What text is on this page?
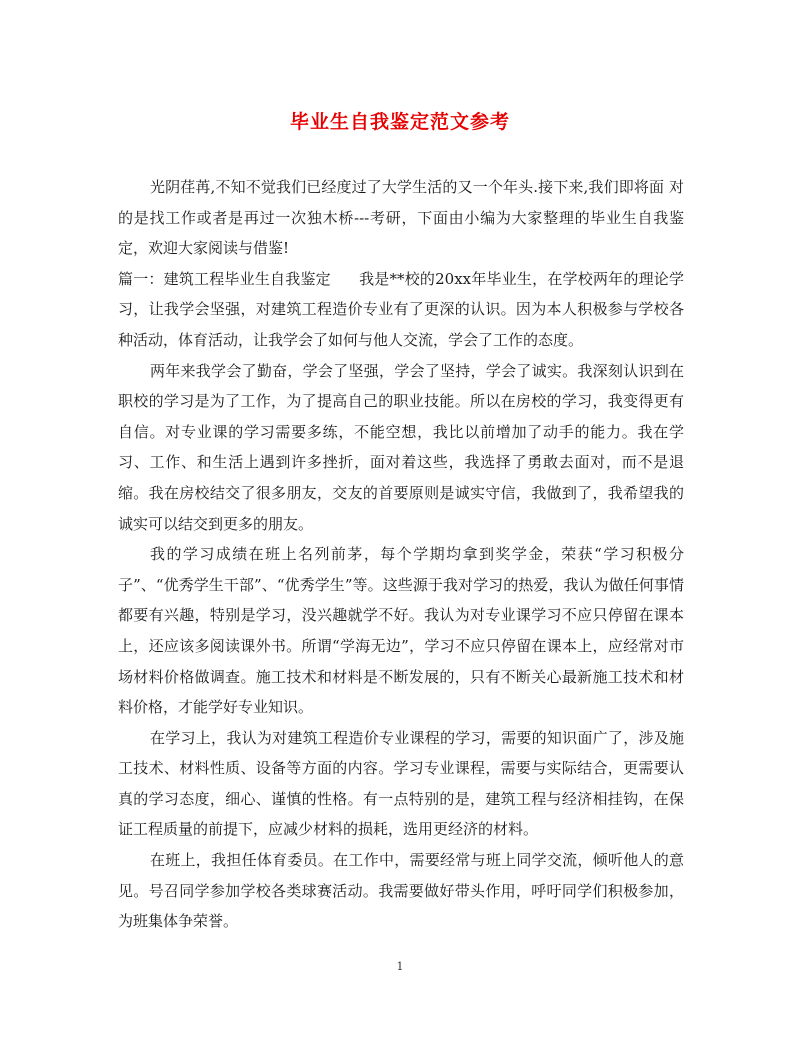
毕业生自我鉴定范文参考

光阴荏苒,不知不觉我们已经度过了大学生活的又一个年头.接下来,我们即将面 对的是找工作或者是再过一次独木桥---考研，下面由小编为大家整理的毕业生自我鉴定，欢迎大家阅读与借鉴!

篇一：建筑工程毕业生自我鉴定 我是**校的20xx年毕业生，在学校两年的理论学习，让我学会坚强，对建筑工程造价专业有了更深的认识。因为本人积极参与学校各种活动，体育活动，让我学会了如何与他人交流，学会了工作的态度。

两年来我学会了勤奋，学会了坚强，学会了坚持，学会了诚实。我深刻认识到在职校的学习是为了工作，为了提高自己的职业技能。所以在房校的学习，我变得更有自信。对专业课的学习需要多练，不能空想，我比以前增加了动手的能力。我在学习、工作、和生活上遇到许多挫折，面对着这些，我选择了勇敢去面对，而不是退缩。我在房校结交了很多朋友，交友的首要原则是诚实守信，我做到了，我希望我的诚实可以结交到更多的朋友。

我的学习成绩在班上名列前茅，每个学期均拿到奖学金，荣获“学习积极分子”、“优秀学生干部”、“优秀学生”等。这些源于我对学习的热爱，我认为做任何事情都要有兴趣，特别是学习，没兴趣就学不好。我认为对专业课学习不应只停留在课本上，还应该多阅读课外书。所谓“学海无边”，学习不应只停留在课本上，应经常对市场材料价格做调查。施工技术和材料是不断发展的，只有不断关心最新施工技术和材料价格，才能学好专业知识。

在学习上，我认为对建筑工程造价专业课程的学习，需要的知识面广了，涉及施工技术、材料性质、设备等方面的内容。学习专业课程，需要与实际结合，更需要认真的学习态度，细心、谨慎的性格。有一点特别的是，建筑工程与经济相挂钩，在保证工程质量的前提下，应减少材料的损耗，选用更经济的材料。

在班上，我担任体育委员。在工作中，需要经常与班上同学交流，倾听他人的意见。号召同学参加学校各类球赛活动。我需要做好带头作用，呼吁同学们积极参加，为班集体争荣誉。

1
